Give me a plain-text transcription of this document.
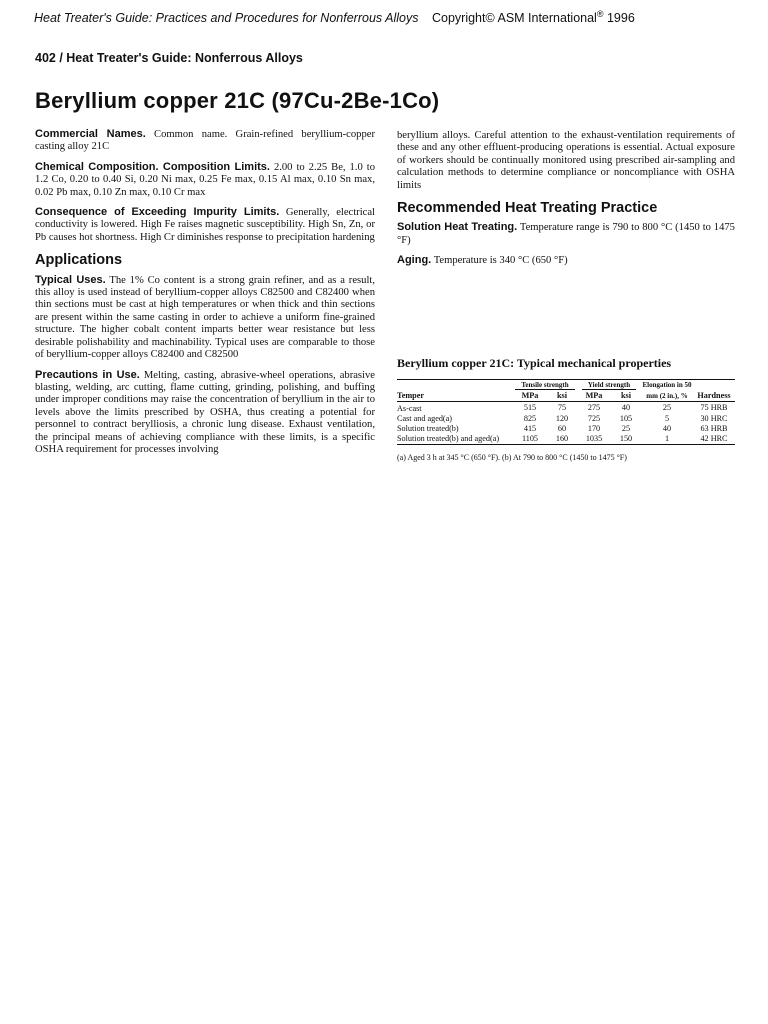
Heat Treater's Guide: Practices and Procedures for Nonferrous Alloys Copyright© ASM International® 1996
402 / Heat Treater's Guide: Nonferrous Alloys
Beryllium copper 21C (97Cu-2Be-1Co)

Commercial Names. Common name. Grain-refined beryllium-copper casting alloy 21C

Chemical Composition. Composition Limits. 2.00 to 2.25 Be, 1.0 to 1.2 Co, 0.20 to 0.40 Si, 0.20 Ni max, 0.25 Fe max, 0.15 Al max, 0.10 Sn max, 0.02 Pb max, 0.10 Zn max, 0.10 Cr max

Consequence of Exceeding Impurity Limits. Generally, electrical conductivity is lowered. High Fe raises magnetic susceptibility. High Sn, Zn, or Pb causes hot shortness. High Cr diminishes response to precipitation hardening

Applications

Typical Uses. The 1% Co content is a strong grain refiner, and as a result, this alloy is used instead of beryllium-copper alloys C82500 and C82400 when thin sections must be cast at high temperatures or when thick and thin sections are present within the same casting in order to achieve a uniform fine-grained structure. The higher cobalt content imparts better wear resistance but less desirable polishability and machinability. Typical uses are comparable to those of beryllium-copper alloys C82400 and C82500

Precautions in Use. Melting, casting, abrasive-wheel operations, abrasive blasting, welding, arc cutting, flame cutting, grinding, polishing, and buffing under improper conditions may raise the concentration of beryllium in the air to levels above the limits prescribed by OSHA, thus creating a potential for personnel to contract berylliosis, a chronic lung disease. Exhaust ventilation, the principal means of achieving compliance with these limits, is a specific OSHA requirement for processes involving

beryllium alloys. Careful attention to the exhaust-ventilation requirements of these and any other effluent-producing operations is essential. Actual exposure of workers should be continually monitored using prescribed air-sampling and calculation methods to determine compliance or noncompliance with OSHA limits

Recommended Heat Treating Practice

Solution Heat Treating. Temperature range is 790 to 800 °C (1450 to 1475 °F)

Aging. Temperature is 340 °C (650 °F)

Beryllium copper 21C: Typical mechanical properties
	Tensile strength		Yield strength		Elongation in 50	
Temper	MPa	ksi	MPa	ksi	mm (2 in.), %	Hardness
As-cast	515	75	275	40	25	75 HRB
Cast and aged(a)	825	120	725	105	5	30 HRC
Solution treated(b)	415	60	170	25	40	63 HRB
Solution treated(b) and aged(a)	1105	160	1035	150	1	42 HRC
(a) Aged 3 h at 345 °C (650 °F). (b) At 790 to 800 °C (1450 to 1475 °F)
